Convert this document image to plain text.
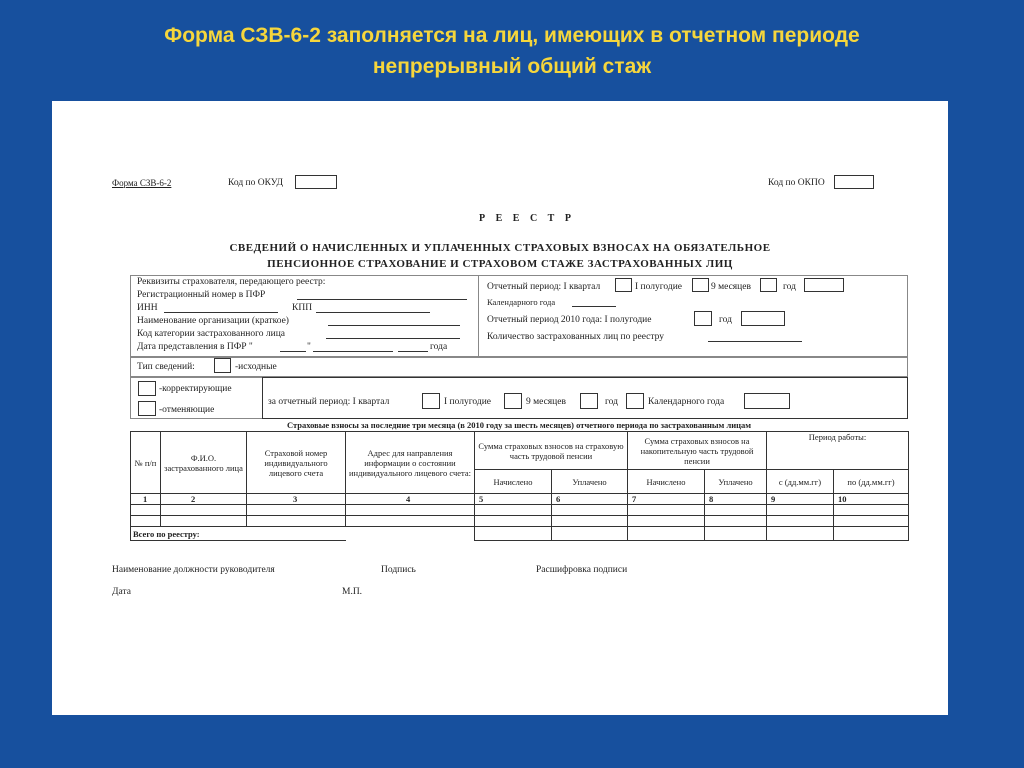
Форма СЗВ-6-2 заполняется на лиц, имеющих в отчетном периоде
непрерывный общий стаж
Форма СЗВ-6-2	Код по ОКУД	Код по ОКПО
Р Е Е С Т Р
СВЕДЕНИЙ О НАЧИСЛЕННЫХ И УПЛАЧЕННЫХ СТРАХОВЫХ ВЗНОСАХ НА ОБЯЗАТЕЛЬНОЕ
ПЕНСИОННОЕ СТРАХОВАНИЕ И СТРАХОВОМ СТАЖЕ ЗАСТРАХОВАННЫХ ЛИЦ
Реквизиты страхователя, передающего реестр:
Регистрационный номер в ПФР
ИНН	КПП
Наименование организации (краткое)
Код категории застрахованного лица
Дата представления в ПФР "	"	года
Отчетный период: I квартал	I полугодие	9 месяцев	год
Календарного года
Отчетный период 2010 года: I полугодие	год
Количество застрахованных лиц по реестру
Тип сведений:	-исходные
-корректирующие
-отменяющие
за отчетный период: I квартал	I полугодие	9 месяцев	год	Календарного года
Страховые взносы за последние три месяца (в 2010 году за шесть месяцев) отчетного периода по застрахованным лицам
№ п/п	Ф.И.О. застрахованного лица	Страховой номер индивидуального лицевого счета	Адрес для направления информации о состоянии индивидуального лицевого счета:	Сумма страховых взносов на страховую часть трудовой пенсии		Сумма страховых взносов на накопительную часть трудовой пенсии		Период работы:	
				Начислено	Уплачено	Начислено	Уплачено	с (дд.мм.гг)	по (дд.мм.гг)
1	2	3	4	5	6	7	8	9	10

Всего по реестру:									
Наименование должности руководителя	Подпись	Расшифровка подписи
Дата	М.П.
